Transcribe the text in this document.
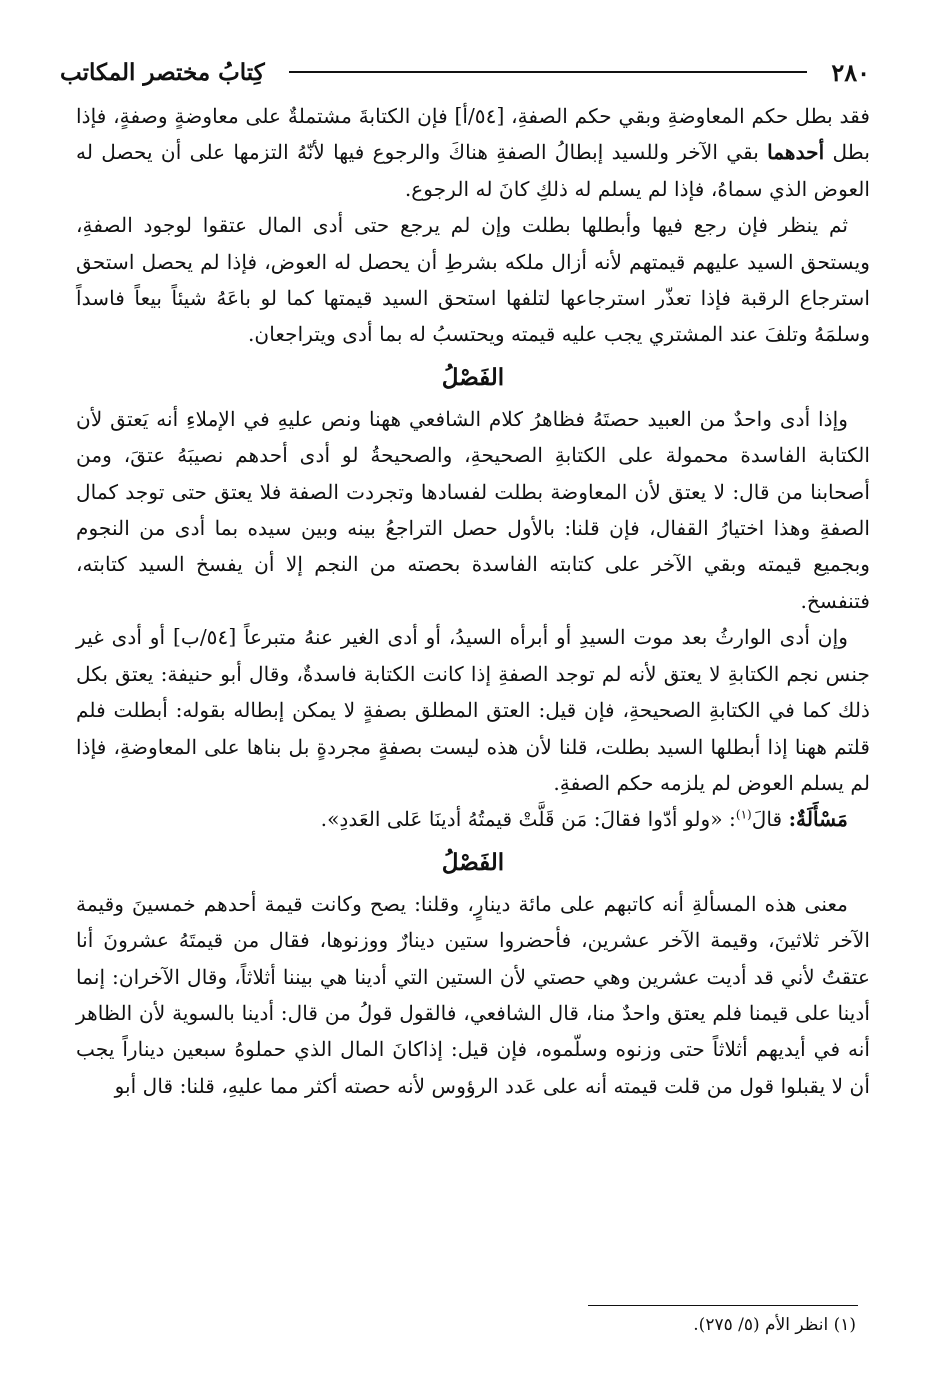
٢٨٠
كِتابُ مختصر المكاتب

فقد بطل حكم المعاوضةِ وبقي حكم الصفةِ، [٥٤/أ] فإن الكتابةَ مشتملةٌ على معاوضةٍ وصفةٍ، فإذا بطل أحدهما بقي الآخر وللسيد إبطالُ الصفةِ هناكَ والرجوع فيها لأنّهُ التزمها على أن يحصل له العوض الذي سماهُ، فإذا لم يسلم له ذلكِ كانَ له الرجوع.

ثم ينظر فإن رجع فيها وأبطلها بطلت وإن لم يرجع حتى أدى المال عتقوا لوجود الصفةِ، ويستحق السيد عليهم قيمتهم لأنه أزال ملكه بشرطِ أن يحصل له العوض، فإذا لم يحصل استحق استرجاع الرقبة فإذا تعذّر استرجاعها لتلفها استحق السيد قيمتها كما لو باعَهُ شيئاً بيعاً فاسداً وسلمَهُ وتلفَ عند المشتري يجب عليه قيمته ويحتسبُ له بما أدى ويتراجعان.

الفَصْلُ

وإذا أدى واحدٌ من العبيد حصتَهُ فظاهرُ كلام الشافعي ههنا ونص عليهِ في الإملاءِ أنه يَعتق لأن الكتابة الفاسدة محمولة على الكتابةِ الصحيحةِ، والصحيحةُ لو أدى أحدهم نصيبَهُ عتقَ، ومن أصحابنا من قال: لا يعتق لأن المعاوضة بطلت لفسادها وتجردت الصفة فلا يعتق حتى توجد كمال الصفةِ وهذا اختيارُ القفال، فإن قلنا: بالأول حصل التراجعُ بينه وبين سيده بما أدى من النجوم وبجميع قيمته وبقي الآخر على كتابته الفاسدة بحصته من النجم إلا أن يفسخ السيد كتابته، فتنفسخ.

وإن أدى الوارثُ بعد موت السيدِ أو أبرأه السيدُ، أو أدى الغير عنهُ متبرعاً [٥٤/ب] أو أدى غير جنس نجم الكتابةِ لا يعتق لأنه لم توجد الصفةِ إذا كانت الكتابة فاسدةٌ، وقال أبو حنيفة: يعتق بكل ذلك كما في الكتابةِ الصحيحةِ، فإن قيل: العتق المطلق بصفةٍ لا يمكن إبطاله بقوله: أبطلت فلم قلتم ههنا إذا أبطلها السيد بطلت، قلنا لأن هذه ليست بصفةٍ مجردةٍ بل بناها على المعاوضةِ، فإذا لم يسلم العوض لم يلزمه حكم الصفةِ.

مَسْأَلَةٌ: قالَ$^{(١)}$: «ولو أدّوا فقالَ: مَن قَلَّتْ قيمتُهُ أدينَا عَلى العَددِ».

الفَصْلُ

معنى هذه المسألةِ أنه كاتبهم على مائة دينارٍ، وقلنا: يصح وكانت قيمة أحدهم خمسينَ وقيمة الآخر ثلاثينَ، وقيمة الآخر عشرين، فأحضروا ستين دينارٌ ووزنوها، فقال من قيمتَهُ عشرونَ أنا عتقتُ لأني قد أديت عشرين وهي حصتي لأن الستين التي أدينا هي بيننا أثلاثاً، وقال الآخران: إنما أدينا على قيمنا فلم يعتق واحدٌ منا، قال الشافعي، فالقول قولُ من قال: أدينا بالسوية لأن الظاهر أنه في أيديهم أثلاثاً حتى وزنوه وسلّموه، فإن قيل: إذاكانَ المال الذي حملوهُ سبعين ديناراً يجب أن لا يقبلوا قول من قلت قيمته أنه على عَدد الرؤوس لأنه حصته أكثر مما عليهِ، قلنا: قال أبو

(١) انظر الأم (٥/ ٢٧٥).
